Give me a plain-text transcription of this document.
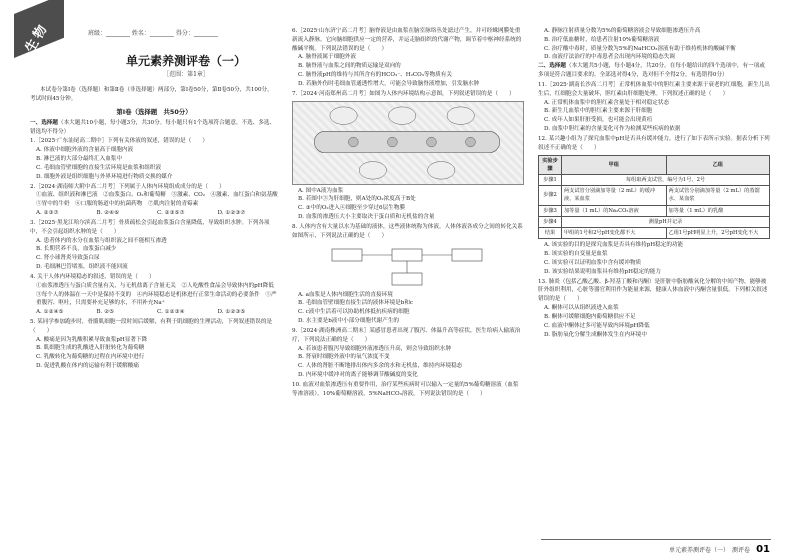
生物	班级：________ 姓名：________ 得分：________
单元素养测评卷（一）
［范围：第1章］

本试卷分第Ⅰ卷（选择题）和第Ⅱ卷（非选择题）两部分，第Ⅰ卷50分，第Ⅱ卷50分，共100分，考试时间45分钟。

第Ⅰ卷（选择题　共50分）

一、选择题（本大题共10小题，每小题3分，共30分。每小题只有1个选项符合题意，不选、多选、错选均不得分）

1.［2025·广东汕尾高二期中］下列有关体液的叙述，错误的是（　　）

A. 体液中细胞外液的含量高于细胞内液

B. 淋巴液的大部分最终汇入血浆中

C. 毛细血管壁细胞的直接生活环境是血浆和组织液

D. 细胞外液是组织细胞与外界环境进行物质交换的媒介

2.［2024·湖南师大附中高二月考］下列属于人体内环境组成成分的是（　　）

①血液、组织液和淋巴液　②血浆蛋白、O₂和葡萄糖　③激素、CO₂　④激素、血红蛋白和氨基酸　⑤胃中的牛奶　⑥口服的肠道中的抗菌药物　⑦肌肉注射的青霉素

A. ②③⑦	B. ②④⑥	C. ②③⑤⑦	D. ①②③⑦

3.［2025·黑龙江哈尔滨高二月考］骨质疏松会引起血浆蛋白含量降低，导致组织水肿。下列各项中，不会引起组织水肿的是（　　）

A. 患者体内的水分在血浆与组织液之间不能相互渗透

B. 长期营养不良，血浆蛋白减少

C. 肾小球肾炎导致蛋白尿

D. 毛细淋巴管堵塞，组织液不能回流

4. 关于人体内环境稳态的叙述，错误的是（　　）

①血浆渗透压与蛋白质含量有关，与无机盐离子含量无关　②人吃酸性食品会导致体内的pH降低　③每个人的体温在一天中是保持不变的　④内环境稳态是机体进行正常生命活动的必要条件　⑤严重腹泻、呕吐，只需要补充足够的水，不用补充Na⁺

A. ①②④⑤	B. ②⑤	C. ①②③④	D. ①②③⑤

5. 某同学参加跑步时，骨骼肌细胞一段时间后缓解，有利于肌细胞的生理活动，下列叙述错误的是（　　）

A. 酸痛是因为乳酸积累导致血浆pH显著下降

B. 肌细胞生成的乳酸进入肝脏转化为葡萄糖

C. 乳酸转化为葡萄糖的过程在内环境中进行

D. 促进乳酸在体内的运输有利于缓解酸痛

6.［2025·山东济宁高二月考］脑脊液是由血浆在脑室脉络丛处滤过产生，并可经蛛网膜处重新流入静脉。它向脑细胞供应一定的营养，并运走脑组织的代谢产物，调节着中枢神经系统的酸碱平衡。下列说法错误的是（　　）

A. 脑脊液属于细胞外液

B. 脑脊液与血浆之间的物质运输是双向的

C. 脑脊液pH的维持与其所含有的HCO₃⁻、H₂CO₃等物质有关

D. 若脑外伤时毛细血管通透性增大，可能会导致脑脊液增加，引发脑水肿

7.［2024·河南郑州高二月考］如图为人体内环境结构示意图，下列叙述错误的是（　　）

A. 图中A液为血浆

B. 若图中③为肝细胞，则A处的O₂浓度高于B处

C. ③中的O₂进入④细胞至少穿过6层生物膜

D. 血浆的渗透压大小主要取决于蛋白质和无机盐的含量

8. 人体内含有大量以水为基础的液体，这些液体统称为体液。人体体液各成分之间的转化关系如图所示，下列说法正确的是（　　）

A. a血浆是人体内细胞生活的直接环境

B. 毛细血管壁细胞直接生活的液体环境是b和c

C. c液中生活着可以协助机体抵抗疾病的细胞

D. 水主要是b液中小部分细胞代谢产生的

9.［2024·湖南株洲高二期末］某感冒患者出现了腹泻、体温升高等症状，医生给病人输液治疗，下列说法正确的是（　　）

A. 若该患者腹泻导致细胞外液渗透压升高，则会导致组织水肿

B. 肾衰时细胞外液中的氧气浓度不变

C. 人体的肾脏不断地排出体内多余的水和无机盐，维持内环境稳态

D. 内环境中缓冲对的离子能够调节酸碱度的变化

10. 血液对血浆渗透压有重要作用，治疗某些疾病时可以输入一定量的5%葡萄糖溶液（血浆等渗溶液），10%葡萄糖溶液，5%NaHCO₃溶液，下列说法错误的是（　　）

A. 静脉注射质量分数为5%的葡萄糖溶液会导致细胞渗透压升高

B. 治疗低血糖时，给患者注射10%葡萄糖溶液

C. 治疗酸中毒时，质量分数为5%的NaHCO₃溶液有助于维持机体的酸碱平衡

D. 血液疗法治疗的中毒患者会出现内环境的稳态失调

二、选择题（本大题共5小题，每小题4分，共20分。在每小题给出的四个选项中，有一项或多项是符合题目要求的。全部选对得4分，选对但不全得2分，有选错得0分）

11.［2025·湖南长沙高二月考］正常机体血浆中的胆红素主要来源于衰老的红细胞，新生儿出生后，红细胞会大量破坏，胆红素由肝细胞处理。下列叙述正确的是（　　）

A. 正常机体血浆中的胆红素含量处于相对稳定状态

B. 新生儿血浆中的胆红素主要来源于肝细胞

C. 成年人如果肝脏受损，也可能会出现黄疸

D. 血浆中胆红素的含量变化可作为检测某些疾病的依据

12. 某兴趣小组为了探究血浆中pH是否具有缓冲能力，进行了如下表所示实验。据表分析下列叙述不正确的是（　　）

实验步骤	甲组	乙组
步骤1	每组取两支试管，编号为1号、2号	
步骤2	两支试管分别滴加等量（2 mL）的缓冲液、某血浆	两支试管分别滴加等量（2 mL）的蒸馏水、某血浆
步骤3	加等量（1 mL）的Na₂CO₃溶液	加等量（1 mL）的乳酸
步骤4	测量pH并记录	
结果	甲组的1号和2号pH变化都不大	乙组1号pH明显上升，2号pH变化不大

A. 该实验的目的是探究血浆是否具有维持pH稳定的功能

B. 该实验的自变量是血浆

C. 该实验可以证明血浆中含有缓冲物质

D. 该实验结果说明血浆具有维持pH稳定的能力

13. 肺炎（包括乙酸乙酸、β-羟基丁酸和丙酮）是肝脏中脂肪酸氧化分解的中间产物，能够被肝外组织利用，心脏等器官利用作为能量来源，健康人体血液中丙酮含量很低。下列相关叙述错误的是（　　）

A. 酮体可以从组织液进入血浆

B. 酮体可缓解细胞内葡萄糖供应不足

C. 血液中酮体过多可能导致内环境pH降低

D. 脂肪氧化分解生成酮体发生在内环境中

单元素养测评卷（一）　测评卷　 01
